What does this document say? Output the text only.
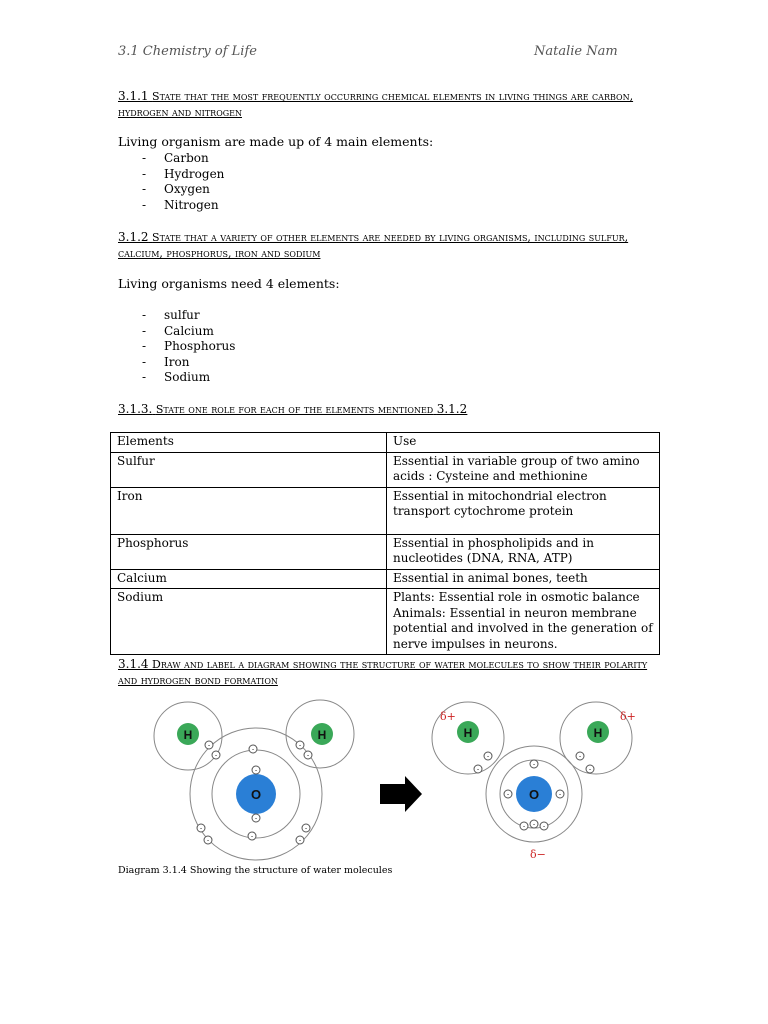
3.1 Chemistry of Life	Natalie Nam
3.1.1 State that the most frequently occurring chemical elements in living things are carbon, hydrogen and nitrogen
Living organism are made up of 4 main elements:
- Carbon
- Hydrogen
- Oxygen
- Nitrogen
3.1.2 State that a variety of other elements are needed by living organisms, including sulfur, calcium, phosphorus, iron and sodium
Living organisms need 4 elements:
- sulfur
- Calcium
- Phosphorus
- Iron
- Sodium
3.1.3. State one role for each of the elements mentioned 3.1.2
Elements	Use
Sulfur	Essential in variable group of two amino acids : Cysteine and methionine
Iron	Essential in mitochondrial electron transport cytochrome protein
Phosphorus	Essential in phospholipids and in nucleotides (DNA, RNA, ATP)
Calcium	Essential in animal bones, teeth
Sodium	Plants: Essential role in osmotic balance Animals: Essential in neuron membrane potential and involved in the generation of nerve impulses in neurons.
3.1.4 Draw and label a diagram showing the structure of water molecules to show their polarity and hydrogen bond formation
O
H	H
O
H	H
δ+	δ+
δ−
-
-
-	-
-
-
-
-	-
-
-	-
-
-	-
-
-
-
-	-
-	-
Diagram 3.1.4 Showing the structure of water molecules
